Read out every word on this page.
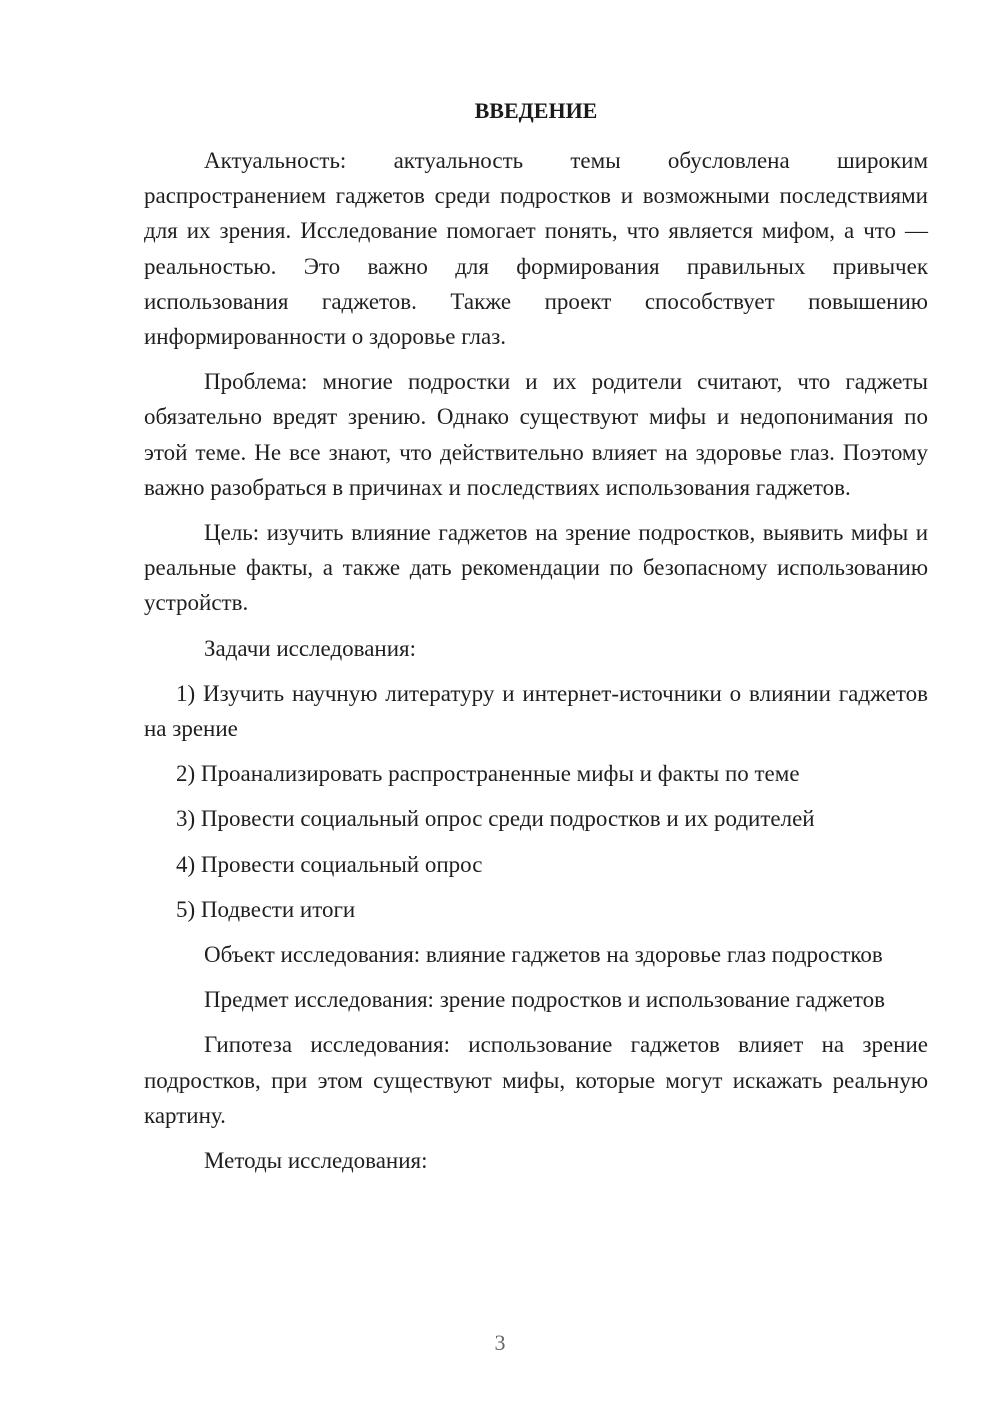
ВВЕДЕНИЕ

Актуальность: актуальность темы обусловлена широким распространением гаджетов среди подростков и возможными последствиями для их зрения. Исследование помогает понять, что является мифом, а что — реальностью. Это важно для формирования правильных привычек использования гаджетов. Также проект способствует повышению информированности о здоровье глаз.

Проблема: многие подростки и их родители считают, что гаджеты обязательно вредят зрению. Однако существуют мифы и недопонимания по этой теме. Не все знают, что действительно влияет на здоровье глаз. Поэтому важно разобраться в причинах и последствиях использования гаджетов.

Цель: изучить влияние гаджетов на зрение подростков, выявить мифы и реальные факты, а также дать рекомендации по безопасному использованию устройств.

Задачи исследования:

1) Изучить научную литературу и интернет-источники о влиянии гаджетов на зрение

2) Проанализировать распространенные мифы и факты по теме

3) Провести социальный опрос среди подростков и их родителей

4) Провести социальный опрос

5) Подвести итоги

Объект исследования: влияние гаджетов на здоровье глаз подростков

Предмет исследования: зрение подростков и использование гаджетов

Гипотеза исследования: использование гаджетов влияет на зрение подростков, при этом существуют мифы, которые могут искажать реальную картину.

Методы исследования:

3
